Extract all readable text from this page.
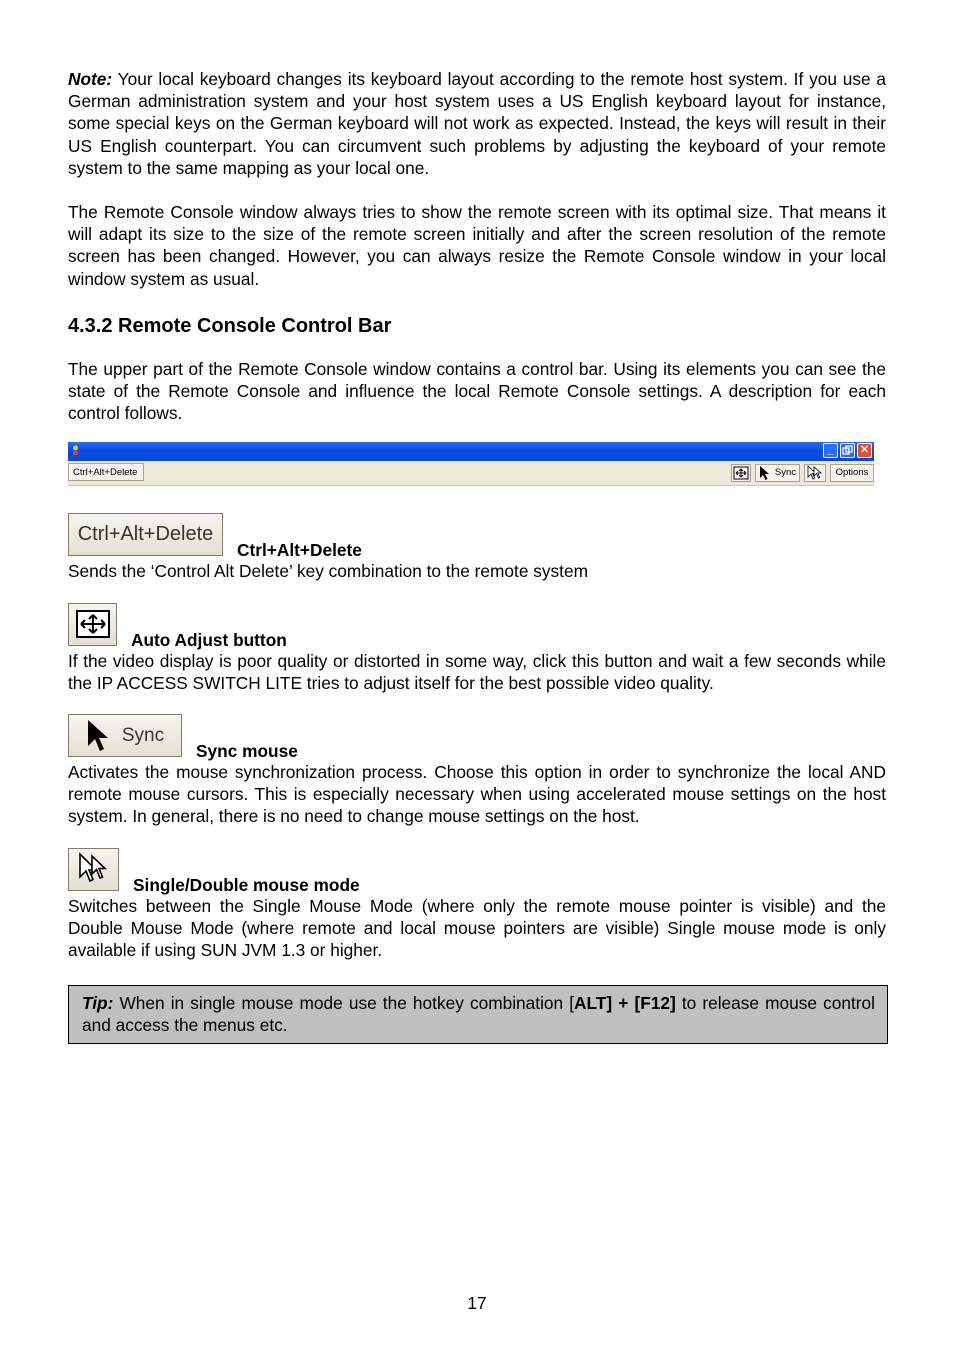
Note: Your local keyboard changes its keyboard layout according to the remote host system. If you use a German administration system and your host system uses a US English keyboard layout for instance, some special keys on the German keyboard will not work as expected. Instead, the keys will result in their US English counterpart. You can circumvent such problems by adjusting the keyboard of your remote system to the same mapping as your local one.

The Remote Console window always tries to show the remote screen with its optimal size. That means it will adapt its size to the size of the remote screen initially and after the screen resolution of the remote screen has been changed. However, you can always resize the Remote Console window in your local window system as usual.

4.3.2 Remote Console Control Bar

The upper part of the Remote Console window contains a control bar. Using its elements you can see the state of the Remote Console and influence the local Remote Console settings. A description for each control follows.

_	✕
Ctrl+Alt+Delete	Sync	Options
Ctrl+Alt+Delete
Ctrl+Alt+Delete

Sends the ‘Control Alt Delete’ key combination to the remote system

Auto Adjust button

If the video display is poor quality or distorted in some way, click this button and wait a few seconds while the IP ACCESS SWITCH LITE tries to adjust itself for the best possible video quality.

Sync
Sync mouse

Activates the mouse synchronization process. Choose this option in order to synchronize the local AND remote mouse cursors. This is especially necessary when using accelerated mouse settings on the host system. In general, there is no need to change mouse settings on the host.

Single/Double mouse mode

Switches between the Single Mouse Mode (where only the remote mouse pointer is visible) and the Double Mouse Mode (where remote and local mouse pointers are visible) Single mouse mode is only available if using SUN JVM 1.3 or higher.

Tip: When in single mouse mode use the hotkey combination [ALT] + [F12] to release mouse control and access the menus etc.

17
